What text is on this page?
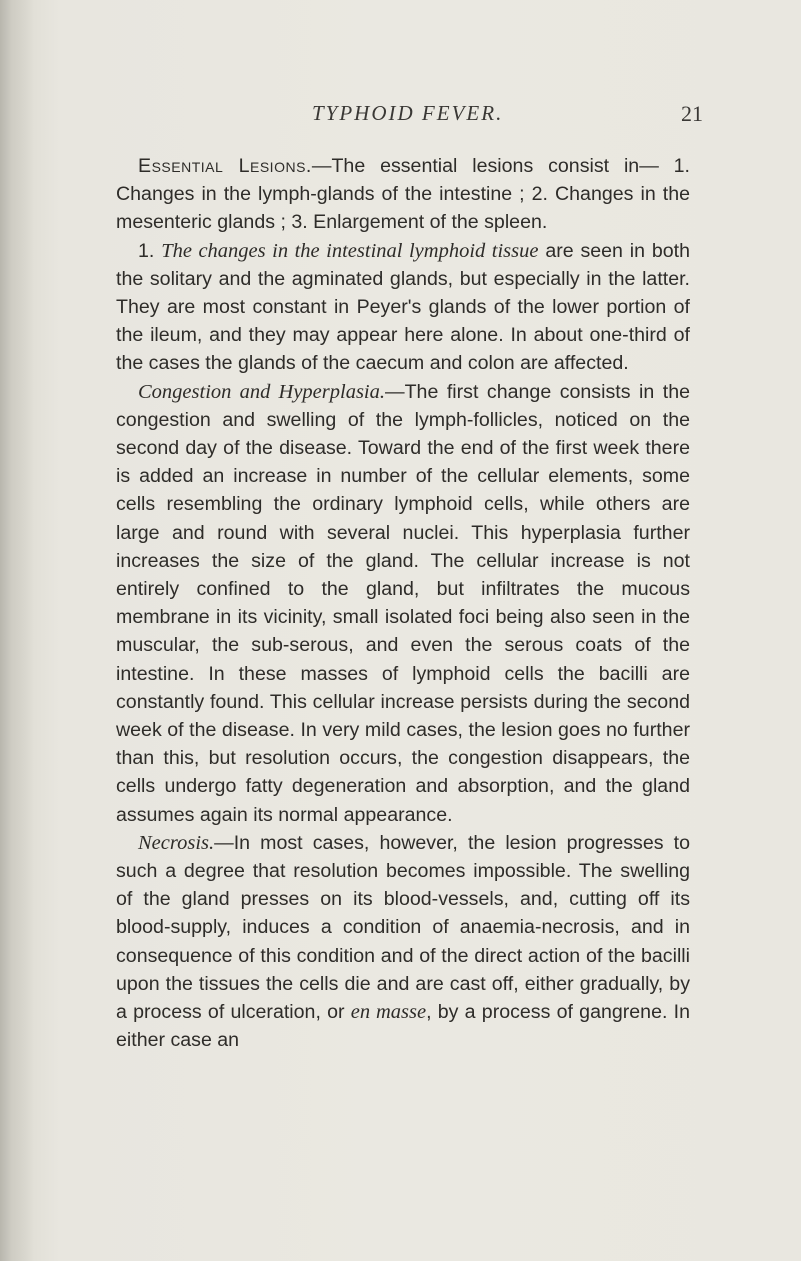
TYPHOID FEVER.	21

Essential Lesions.—The essential lesions consist in— 1. Changes in the lymph-glands of the intestine ; 2. Changes in the mesenteric glands ; 3. Enlargement of the spleen.

1. The changes in the intestinal lymphoid tissue are seen in both the solitary and the agminated glands, but especially in the latter. They are most constant in Peyer's glands of the lower portion of the ileum, and they may appear here alone. In about one-third of the cases the glands of the caecum and colon are affected.

Congestion and Hyperplasia.—The first change consists in the congestion and swelling of the lymph-follicles, noticed on the second day of the disease. Toward the end of the first week there is added an increase in number of the cellular elements, some cells resembling the ordinary lymphoid cells, while others are large and round with several nuclei. This hyperplasia further increases the size of the gland. The cellular increase is not entirely confined to the gland, but infiltrates the mucous membrane in its vicinity, small isolated foci being also seen in the muscular, the sub-serous, and even the serous coats of the intestine. In these masses of lymphoid cells the bacilli are constantly found. This cellular increase persists during the second week of the disease. In very mild cases, the lesion goes no further than this, but resolution occurs, the congestion disappears, the cells undergo fatty degeneration and absorption, and the gland assumes again its normal appearance.

Necrosis.—In most cases, however, the lesion progresses to such a degree that resolution becomes impossible. The swelling of the gland presses on its blood-vessels, and, cutting off its blood-supply, induces a condition of anaemia-necrosis, and in consequence of this condition and of the direct action of the bacilli upon the tissues the cells die and are cast off, either gradually, by a process of ulceration, or en masse, by a process of gangrene. In either case an
